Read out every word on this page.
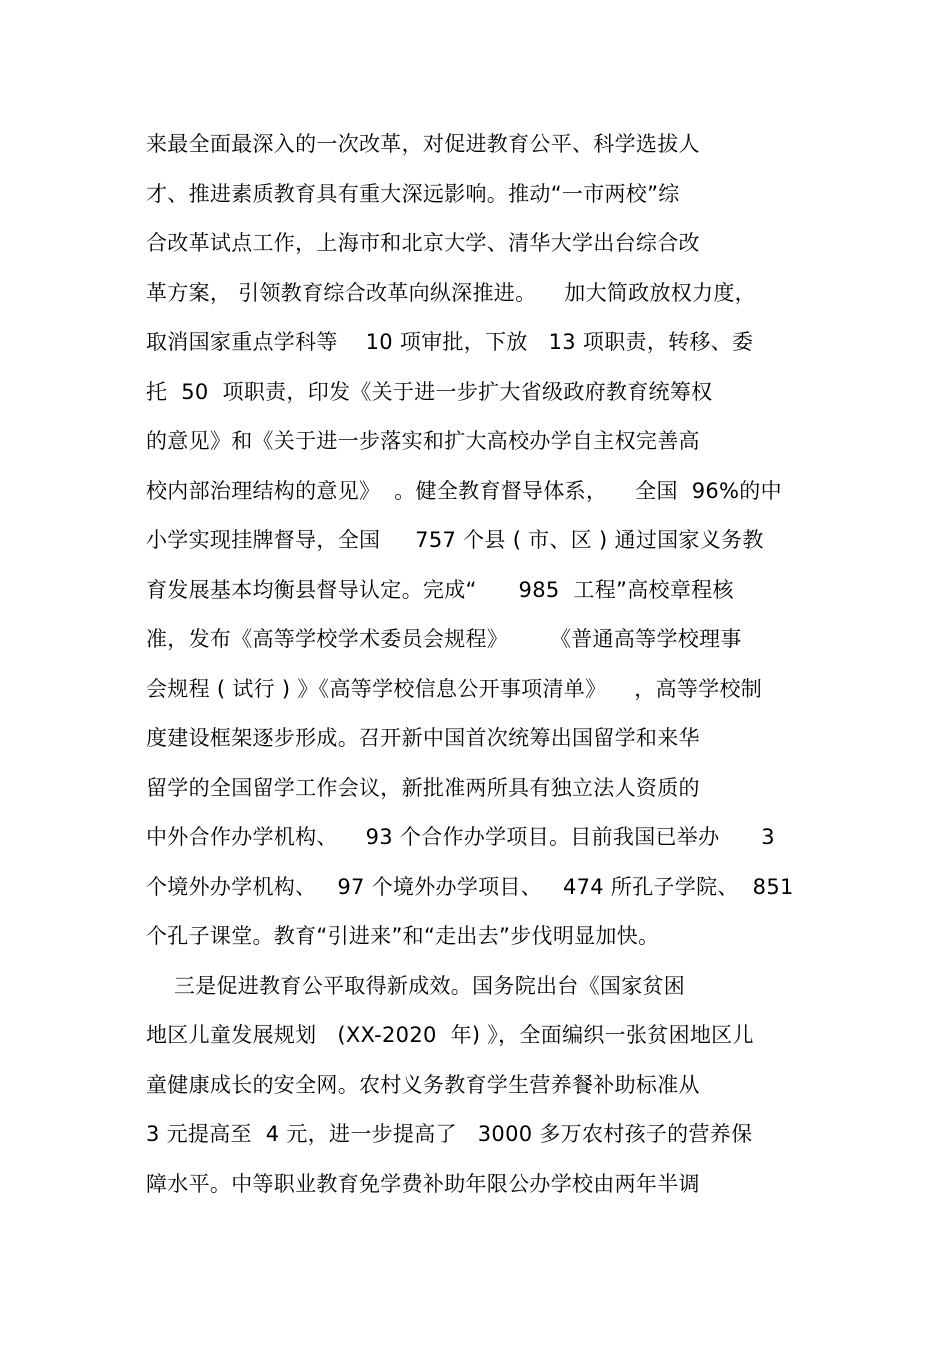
来最全面最深入的一次改革，对促进教育公平、科学选拔人
才、推进素质教育具有重大深远影响。推动“一市两校”综
合改革试点工作，上海市和北京大学、清华大学出台综合改
革方案， 引领教育综合改革向纵深推进。    加大简政放权力度，
取消国家重点学科等    10 项审批，下放   13 项职责，转移、委
托  50  项职责，印发《关于进一步扩大省级政府教育统筹权
的意见》和《关于进一步落实和扩大高校办学自主权完善高
校内部治理结构的意见》  。健全教育督导体系，    全国  96%的中
小学实现挂牌督导，全国     757 个县 ( 市、区 ) 通过国家义务教
育发展基本均衡县督导认定。完成“      985  工程”高校章程核
准，发布《高等学校学术委员会规程》      《普通高等学校理事
会规程 ( 试行 ) 》《高等学校信息公开事项清单》    ，高等学校制
度建设框架逐步形成。召开新中国首次统筹出国留学和来华
留学的全国留学工作会议，新批准两所具有独立法人资质的
中外合作办学机构、    93 个合作办学项目。目前我国已举办      3
个境外办学机构、   97 个境外办学项目、   474 所孔子学院、  851
个孔子课堂。教育“引进来”和“走出去”步伐明显加快。
三是促进教育公平取得新成效。国务院出台《国家贫困
地区儿童发展规划   (XX-2020  年) 》，全面编织一张贫困地区儿
童健康成长的安全网。农村义务教育学生营养餐补助标准从
3 元提高至  4 元，进一步提高了   3000 多万农村孩子的营养保
障水平。中等职业教育免学费补助年限公办学校由两年半调
